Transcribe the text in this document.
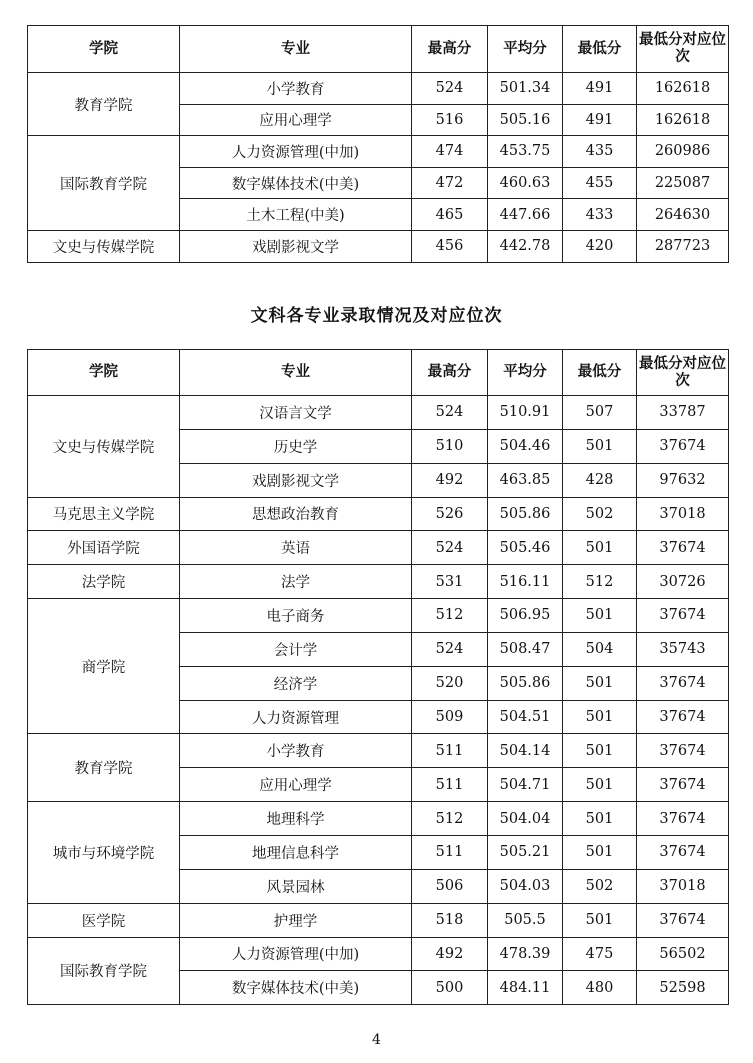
学院	专业	最高分	平均分	最低分	最低分对应位次
教育学院	小学教育	524	501.34	491	162618
	应用心理学	516	505.16	491	162618
国际教育学院	人力资源管理(中加)	474	453.75	435	260986
	数字媒体技术(中美)	472	460.63	455	225087
	土木工程(中美)	465	447.66	433	264630
文史与传媒学院	戏剧影视文学	456	442.78	420	287723
文科各专业录取情况及对应位次
学院	专业	最高分	平均分	最低分	最低分对应位次
文史与传媒学院	汉语言文学	524	510.91	507	33787
	历史学	510	504.46	501	37674
	戏剧影视文学	492	463.85	428	97632
马克思主义学院	思想政治教育	526	505.86	502	37018
外国语学院	英语	524	505.46	501	37674
法学院	法学	531	516.11	512	30726
商学院	电子商务	512	506.95	501	37674
	会计学	524	508.47	504	35743
	经济学	520	505.86	501	37674
	人力资源管理	509	504.51	501	37674
教育学院	小学教育	511	504.14	501	37674
	应用心理学	511	504.71	501	37674
城市与环境学院	地理科学	512	504.04	501	37674
	地理信息科学	511	505.21	501	37674
	风景园林	506	504.03	502	37018
医学院	护理学	518	505.5	501	37674
国际教育学院	人力资源管理(中加)	492	478.39	475	56502
	数字媒体技术(中美)	500	484.11	480	52598
4
